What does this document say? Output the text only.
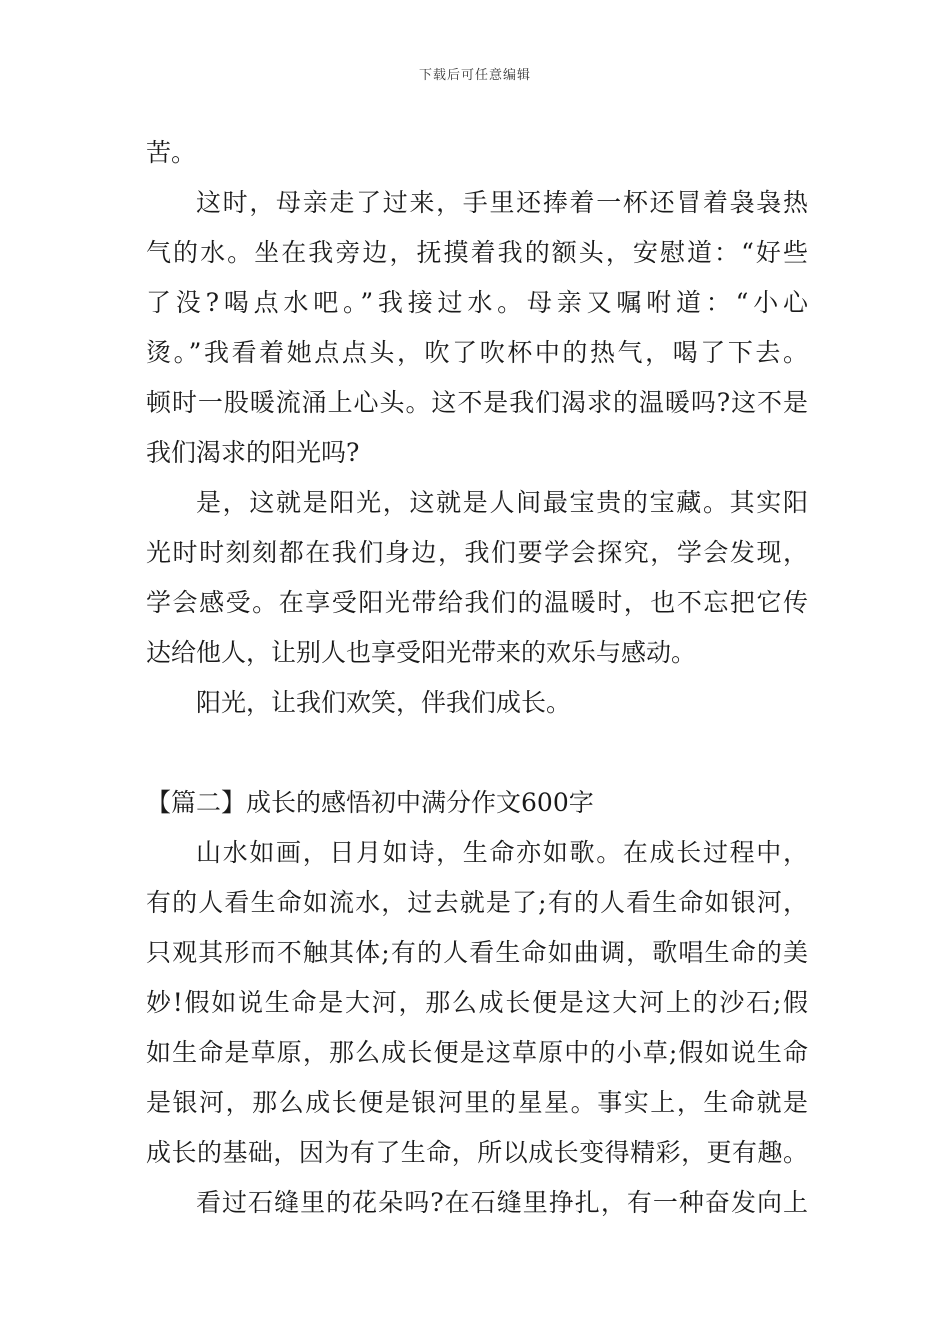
下载后可任意编辑
苦。
这时，母亲走了过来，手里还捧着一杯还冒着袅袅热
气的水。坐在我旁边，抚摸着我的额头，安慰道：“好些
了没?喝点水吧。”我接过水。母亲又嘱咐道：“小心
烫。”我看着她点点头，吹了吹杯中的热气，喝了下去。
顿时一股暖流涌上心头。这不是我们渴求的温暖吗?这不是
我们渴求的阳光吗?
是，这就是阳光，这就是人间最宝贵的宝藏。其实阳
光时时刻刻都在我们身边，我们要学会探究，学会发现，
学会感受。在享受阳光带给我们的温暖时，也不忘把它传
达给他人，让别人也享受阳光带来的欢乐与感动。
阳光，让我们欢笑，伴我们成长。
【篇二】成长的感悟初中满分作文600字
山水如画，日月如诗，生命亦如歌。在成长过程中，
有的人看生命如流水，过去就是了;有的人看生命如银河，
只观其形而不触其体;有的人看生命如曲调，歌唱生命的美
妙!假如说生命是大河，那么成长便是这大河上的沙石;假
如生命是草原，那么成长便是这草原中的小草;假如说生命
是银河，那么成长便是银河里的星星。事实上，生命就是
成长的基础，因为有了生命，所以成长变得精彩，更有趣。
看过石缝里的花朵吗?在石缝里挣扎，有一种奋发向上
